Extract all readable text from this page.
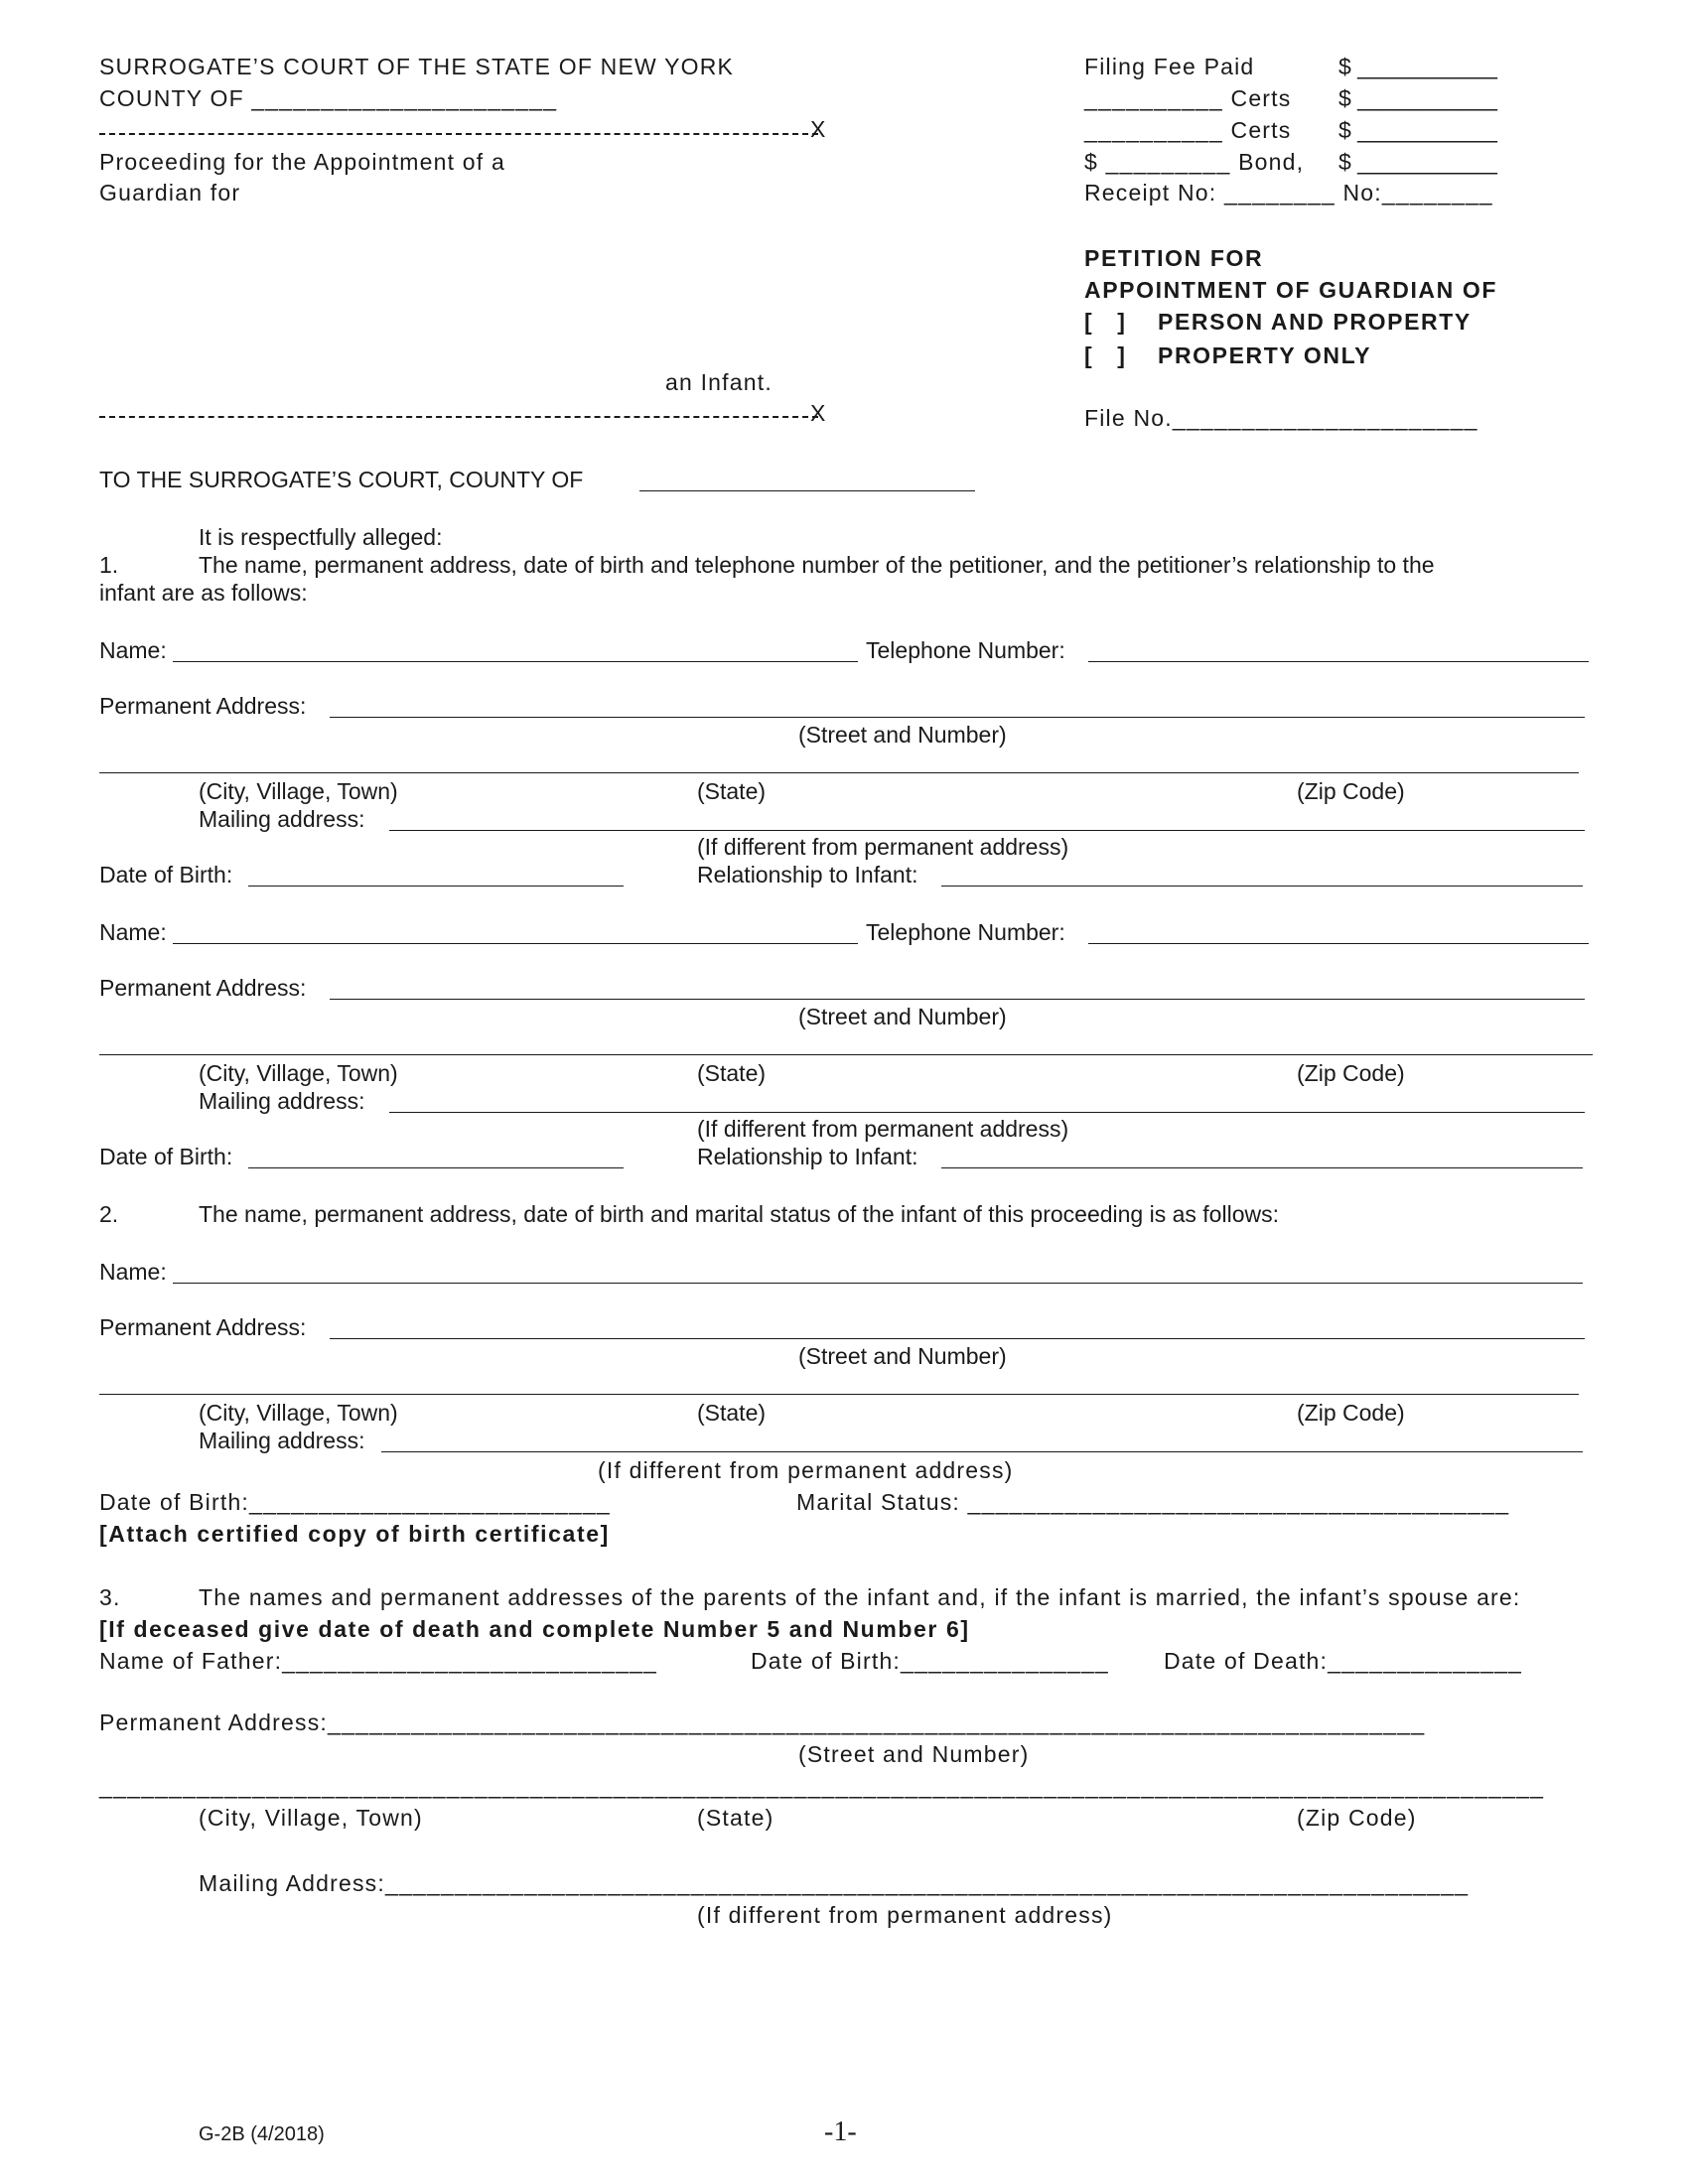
SURROGATE’S COURT OF THE STATE OF NEW YORK
COUNTY OF ______________________
X
Proceeding for the Appointment of a
Guardian for
an Infant.
X
Filing Fee Paid	$ ___________
__________ Certs $ ___________
__________ Certs $ ___________
$ _________ Bond, $ ___________
Receipt No: ________ No:________
PETITION FOR
APPOINTMENT OF GUARDIAN OF
[   ] PERSON AND PROPERTY
[   ] PROPERTY ONLY
File No.______________________
TO THE SURROGATE’S COURT, COUNTY OF
It is respectfully alleged:
1.	The name, permanent address, date of birth and telephone number of the petitioner, and the petitioner’s relationship to the
infant are as follows:
Name:	Telephone Number:
Permanent Address:
(Street and Number)
(City, Village, Town)	(State)	(Zip Code)
Mailing address:
(If different from permanent address)
Date of Birth:	Relationship to Infant:
Name:	Telephone Number:
Permanent Address:
(Street and Number)
(City, Village, Town)	(State)	(Zip Code)
Mailing address:
(If different from permanent address)
Date of Birth:	Relationship to Infant:
2.	The name, permanent address, date of birth and marital status of the infant of this proceeding is as follows:
Name:
Permanent Address:
(Street and Number)
(City, Village, Town)	(State)	(Zip Code)
Mailing address:
(If different from permanent address)
Date of Birth:__________________________	Marital Status: _______________________________________
[Attach certified copy of birth certificate]
3.	The names and permanent addresses of the parents of the infant and, if the infant is married, the infant’s spouse are:
[If deceased give date of death and complete Number 5 and Number 6]
Name of Father:___________________________	Date of Birth:_______________ Date of Death:______________
Permanent Address:_______________________________________________________________________________
(Street and Number)
________________________________________________________________________________________________________
(City, Village, Town)	(State)	(Zip Code)
Mailing Address:______________________________________________________________________________
(If different from permanent address)
G-2B (4/2018)	-1-
